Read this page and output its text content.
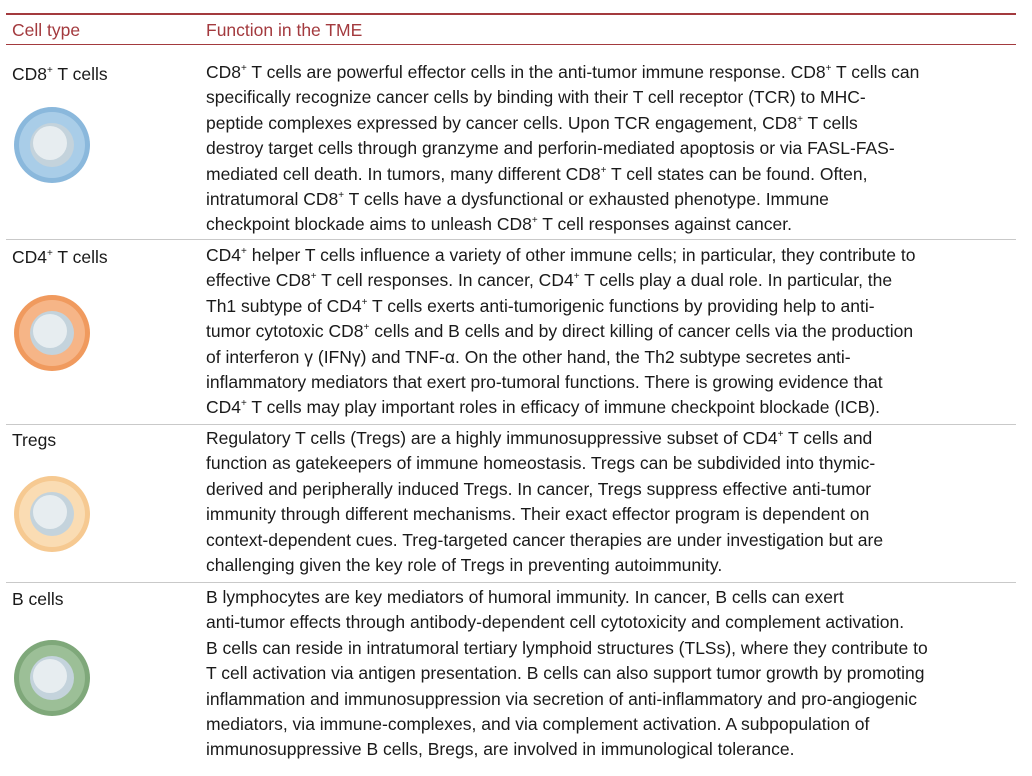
Cell type	Function in the TME
CD8+ T cells	CD8+ T cells are powerful effector cells in the anti-tumor immune response. CD8+ T cells can
specifically recognize cancer cells by binding with their T cell receptor (TCR) to MHC-
peptide complexes expressed by cancer cells. Upon TCR engagement, CD8+ T cells
destroy target cells through granzyme and perforin-mediated apoptosis or via FASL-FAS-
mediated cell death. In tumors, many different CD8+ T cell states can be found. Often,
intratumoral CD8+ T cells have a dysfunctional or exhausted phenotype. Immune
checkpoint blockade aims to unleash CD8+ T cell responses against cancer.
CD4+ T cells	CD4+ helper T cells influence a variety of other immune cells; in particular, they contribute to
effective CD8+ T cell responses. In cancer, CD4+ T cells play a dual role. In particular, the
Th1 subtype of CD4+ T cells exerts anti-tumorigenic functions by providing help to anti-
tumor cytotoxic CD8+ cells and B cells and by direct killing of cancer cells via the production
of interferon γ (IFNγ) and TNF-α. On the other hand, the Th2 subtype secretes anti-
inflammatory mediators that exert pro-tumoral functions. There is growing evidence that
CD4+ T cells may play important roles in efficacy of immune checkpoint blockade (ICB).
Tregs	Regulatory T cells (Tregs) are a highly immunosuppressive subset of CD4+ T cells and
function as gatekeepers of immune homeostasis. Tregs can be subdivided into thymic-
derived and peripherally induced Tregs. In cancer, Tregs suppress effective anti-tumor
immunity through different mechanisms. Their exact effector program is dependent on
context-dependent cues. Treg-targeted cancer therapies are under investigation but are
challenging given the key role of Tregs in preventing autoimmunity.
B cells	B lymphocytes are key mediators of humoral immunity. In cancer, B cells can exert
anti-tumor effects through antibody-dependent cell cytotoxicity and complement activation.
B cells can reside in intratumoral tertiary lymphoid structures (TLSs), where they contribute to
T cell activation via antigen presentation. B cells can also support tumor growth by promoting
inflammation and immunosuppression via secretion of anti-inflammatory and pro-angiogenic
mediators, via immune-complexes, and via complement activation. A subpopulation of
immunosuppressive B cells, Bregs, are involved in immunological tolerance.
